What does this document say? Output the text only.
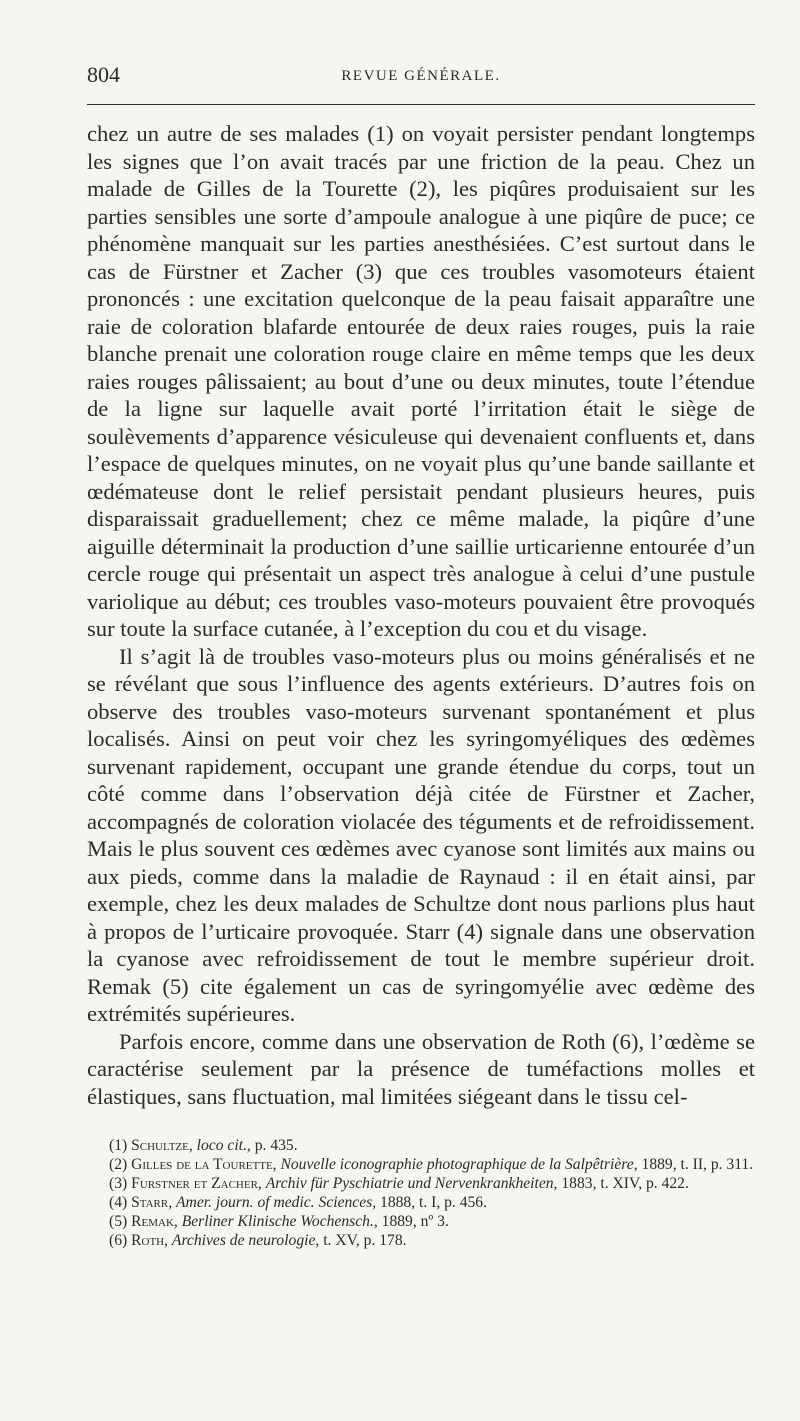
804	REVUE GÉNÉRALE.

chez un autre de ses malades (1) on voyait persister pendant longtemps les signes que l’on avait tracés par une friction de la peau. Chez un malade de Gilles de la Tourette (2), les piqûres produisaient sur les parties sensibles une sorte d’ampoule analogue à une piqûre de puce; ce phénomène manquait sur les parties anesthésiées. C’est surtout dans le cas de Fürstner et Zacher (3) que ces troubles vasomoteurs étaient prononcés : une excitation quelconque de la peau faisait apparaître une raie de coloration blafarde entourée de deux raies rouges, puis la raie blanche prenait une coloration rouge claire en même temps que les deux raies rouges pâlissaient; au bout d’une ou deux minutes, toute l’étendue de la ligne sur laquelle avait porté l’irritation était le siège de soulèvements d’apparence vésiculeuse qui devenaient confluents et, dans l’espace de quelques minutes, on ne voyait plus qu’une bande saillante et œdémateuse dont le relief persistait pendant plusieurs heures, puis disparaissait graduellement; chez ce même malade, la piqûre d’une aiguille déterminait la production d’une saillie urticarienne entourée d’un cercle rouge qui présentait un aspect très analogue à celui d’une pustule variolique au début; ces troubles vaso-moteurs pouvaient être provoqués sur toute la surface cutanée, à l’exception du cou et du visage.

Il s’agit là de troubles vaso-moteurs plus ou moins généralisés et ne se révélant que sous l’influence des agents extérieurs. D’autres fois on observe des troubles vaso-moteurs survenant spontanément et plus localisés. Ainsi on peut voir chez les syringomyéliques des œdèmes survenant rapidement, occupant une grande étendue du corps, tout un côté comme dans l’observation déjà citée de Fürstner et Zacher, accompagnés de coloration violacée des téguments et de refroidissement. Mais le plus souvent ces œdèmes avec cyanose sont limités aux mains ou aux pieds, comme dans la maladie de Raynaud : il en était ainsi, par exemple, chez les deux malades de Schultze dont nous parlions plus haut à propos de l’urticaire provoquée. Starr (4) signale dans une observation la cyanose avec refroidissement de tout le membre supérieur droit. Remak (5) cite également un cas de syringomyélie avec œdème des extrémités supérieures.

Parfois encore, comme dans une observation de Roth (6), l’œdème se caractérise seulement par la présence de tuméfactions molles et élastiques, sans fluctuation, mal limitées siégeant dans le tissu cel-

(1) Schultze, loco cit., p. 435.

(2) Gilles de la Tourette, Nouvelle iconographie photographique de la Salpêtrière, 1889, t. II, p. 311.

(3) Furstner et Zacher, Archiv für Pyschiatrie und Nervenkrankheiten, 1883, t. XIV, p. 422.

(4) Starr, Amer. journ. of medic. Sciences, 1888, t. I, p. 456.

(5) Remak, Berliner Klinische Wochensch., 1889, nº 3.

(6) Roth, Archives de neurologie, t. XV, p. 178.
